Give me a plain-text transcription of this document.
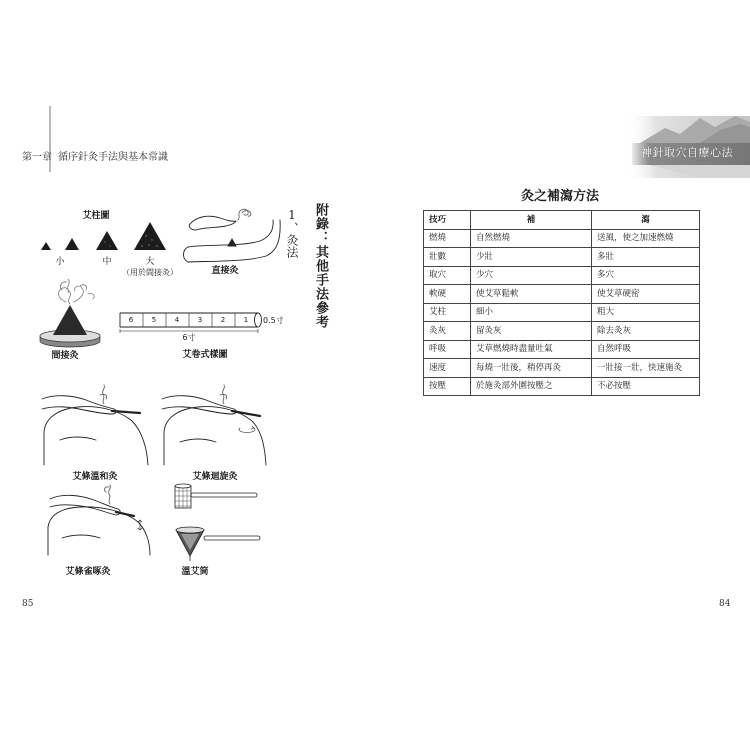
第一章 循序針灸手法與基本常識
附錄：其他手法參考
1、灸法
艾柱圖
小	中	大
（用於間接灸）	直接灸
間接灸
6	5	4	3	2	1 0.5寸
6寸
艾卷式樣圖
艾條溫和灸	艾條迴旋灸
艾條雀啄灸	溫艾筒
85
神針取穴自療心法
灸之補瀉方法
技巧	補	瀉
燃燒	自然燃燒	送風，使之加速燃燒
壯數	少壯	多壯
取穴	少穴	多穴
軟硬	使艾草鬆軟	使艾草硬密
艾柱	細小	粗大
灸灰	留灸灰	除去灸灰
呼吸	艾草燃燒時盡量吐氣	自然呼吸
速度	每燒一壯後，稍停再灸	一壯接一壯，快速施灸
按壓	於施灸部外圍按壓之	不必按壓
84
